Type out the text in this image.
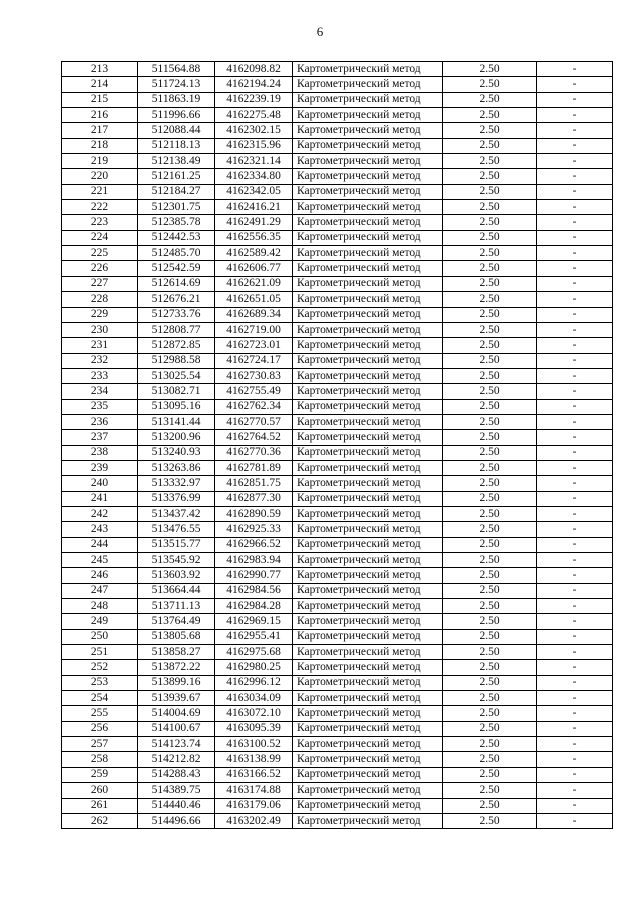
6
213	511564.88	4162098.82	Картометрический метод	2.50	-
214	511724.13	4162194.24	Картометрический метод	2.50	-
215	511863.19	4162239.19	Картометрический метод	2.50	-
216	511996.66	4162275.48	Картометрический метод	2.50	-
217	512088.44	4162302.15	Картометрический метод	2.50	-
218	512118.13	4162315.96	Картометрический метод	2.50	-
219	512138.49	4162321.14	Картометрический метод	2.50	-
220	512161.25	4162334.80	Картометрический метод	2.50	-
221	512184.27	4162342.05	Картометрический метод	2.50	-
222	512301.75	4162416.21	Картометрический метод	2.50	-
223	512385.78	4162491.29	Картометрический метод	2.50	-
224	512442.53	4162556.35	Картометрический метод	2.50	-
225	512485.70	4162589.42	Картометрический метод	2.50	-
226	512542.59	4162606.77	Картометрический метод	2.50	-
227	512614.69	4162621.09	Картометрический метод	2.50	-
228	512676.21	4162651.05	Картометрический метод	2.50	-
229	512733.76	4162689.34	Картометрический метод	2.50	-
230	512808.77	4162719.00	Картометрический метод	2.50	-
231	512872.85	4162723.01	Картометрический метод	2.50	-
232	512988.58	4162724.17	Картометрический метод	2.50	-
233	513025.54	4162730.83	Картометрический метод	2.50	-
234	513082.71	4162755.49	Картометрический метод	2.50	-
235	513095.16	4162762.34	Картометрический метод	2.50	-
236	513141.44	4162770.57	Картометрический метод	2.50	-
237	513200.96	4162764.52	Картометрический метод	2.50	-
238	513240.93	4162770.36	Картометрический метод	2.50	-
239	513263.86	4162781.89	Картометрический метод	2.50	-
240	513332.97	4162851.75	Картометрический метод	2.50	-
241	513376.99	4162877.30	Картометрический метод	2.50	-
242	513437.42	4162890.59	Картометрический метод	2.50	-
243	513476.55	4162925.33	Картометрический метод	2.50	-
244	513515.77	4162966.52	Картометрический метод	2.50	-
245	513545.92	4162983.94	Картометрический метод	2.50	-
246	513603.92	4162990.77	Картометрический метод	2.50	-
247	513664.44	4162984.56	Картометрический метод	2.50	-
248	513711.13	4162984.28	Картометрический метод	2.50	-
249	513764.49	4162969.15	Картометрический метод	2.50	-
250	513805.68	4162955.41	Картометрический метод	2.50	-
251	513858.27	4162975.68	Картометрический метод	2.50	-
252	513872.22	4162980.25	Картометрический метод	2.50	-
253	513899.16	4162996.12	Картометрический метод	2.50	-
254	513939.67	4163034.09	Картометрический метод	2.50	-
255	514004.69	4163072.10	Картометрический метод	2.50	-
256	514100.67	4163095.39	Картометрический метод	2.50	-
257	514123.74	4163100.52	Картометрический метод	2.50	-
258	514212.82	4163138.99	Картометрический метод	2.50	-
259	514288.43	4163166.52	Картометрический метод	2.50	-
260	514389.75	4163174.88	Картометрический метод	2.50	-
261	514440.46	4163179.06	Картометрический метод	2.50	-
262	514496.66	4163202.49	Картометрический метод	2.50	-
